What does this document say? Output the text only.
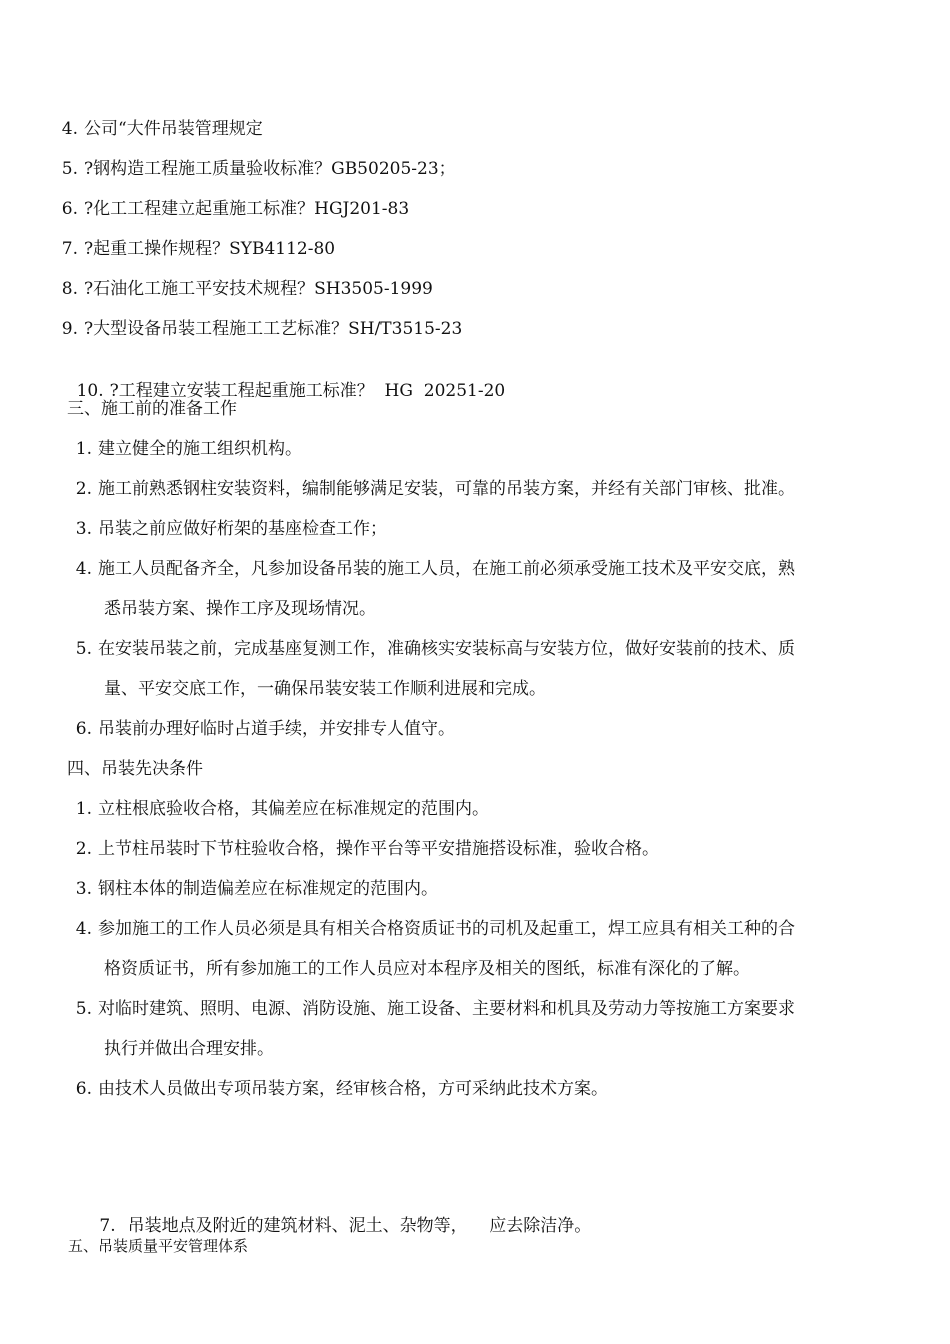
4. 公司“大件吊装管理规定
5. ?钢构造工程施工质量验收标准？GB50205-23；
6. ?化工工程建立起重施工标准？HGJ201-83
7. ?起重工操作规程？SYB4112-80
8. ?石油化工施工平安技术规程？SH3505-1999
9. ?大型设备吊装工程施工工艺标准？SH/T3515-23

10. ?工程建立安装工程起重施工标准？  HG  20251-20

三、施工前的准备工作
1. 建立健全的施工组织机构。
2. 施工前熟悉钢柱安装资料，编制能够满足安装，可靠的吊装方案，并经有关部门审核、批准。
3. 吊装之前应做好桁架的基座检查工作；
4. 施工人员配备齐全，凡参加设备吊装的施工人员，在施工前必须承受施工技术及平安交底，熟
悉吊装方案、操作工序及现场情况。
5. 在安装吊装之前，完成基座复测工作，准确核实安装标高与安装方位，做好安装前的技术、质
量、平安交底工作，一确保吊装安装工作顺利进展和完成。
6. 吊装前办理好临时占道手续，并安排专人值守。
四、吊装先决条件
1. 立柱根底验收合格，其偏差应在标准规定的范围内。
2. 上节柱吊装时下节柱验收合格，操作平台等平安措施搭设标准，验收合格。
3. 钢柱本体的制造偏差应在标准规定的范围内。
4. 参加施工的工作人员必须是具有相关合格资质证书的司机及起重工，焊工应具有相关工种的合
格资质证书，所有参加施工的工作人员应对本程序及相关的图纸，标准有深化的了解。
5. 对临时建筑、照明、电源、消防设施、施工设备、主要材料和机具及劳动力等按施工方案要求
执行并做出合理安排。
6. 由技术人员做出专项吊装方案，经审核合格，方可采纳此技术方案。

7. 吊装地点及附近的建筑材料、泥土、杂物等，    应去除洁净。

五、吊装质量平安管理体系
